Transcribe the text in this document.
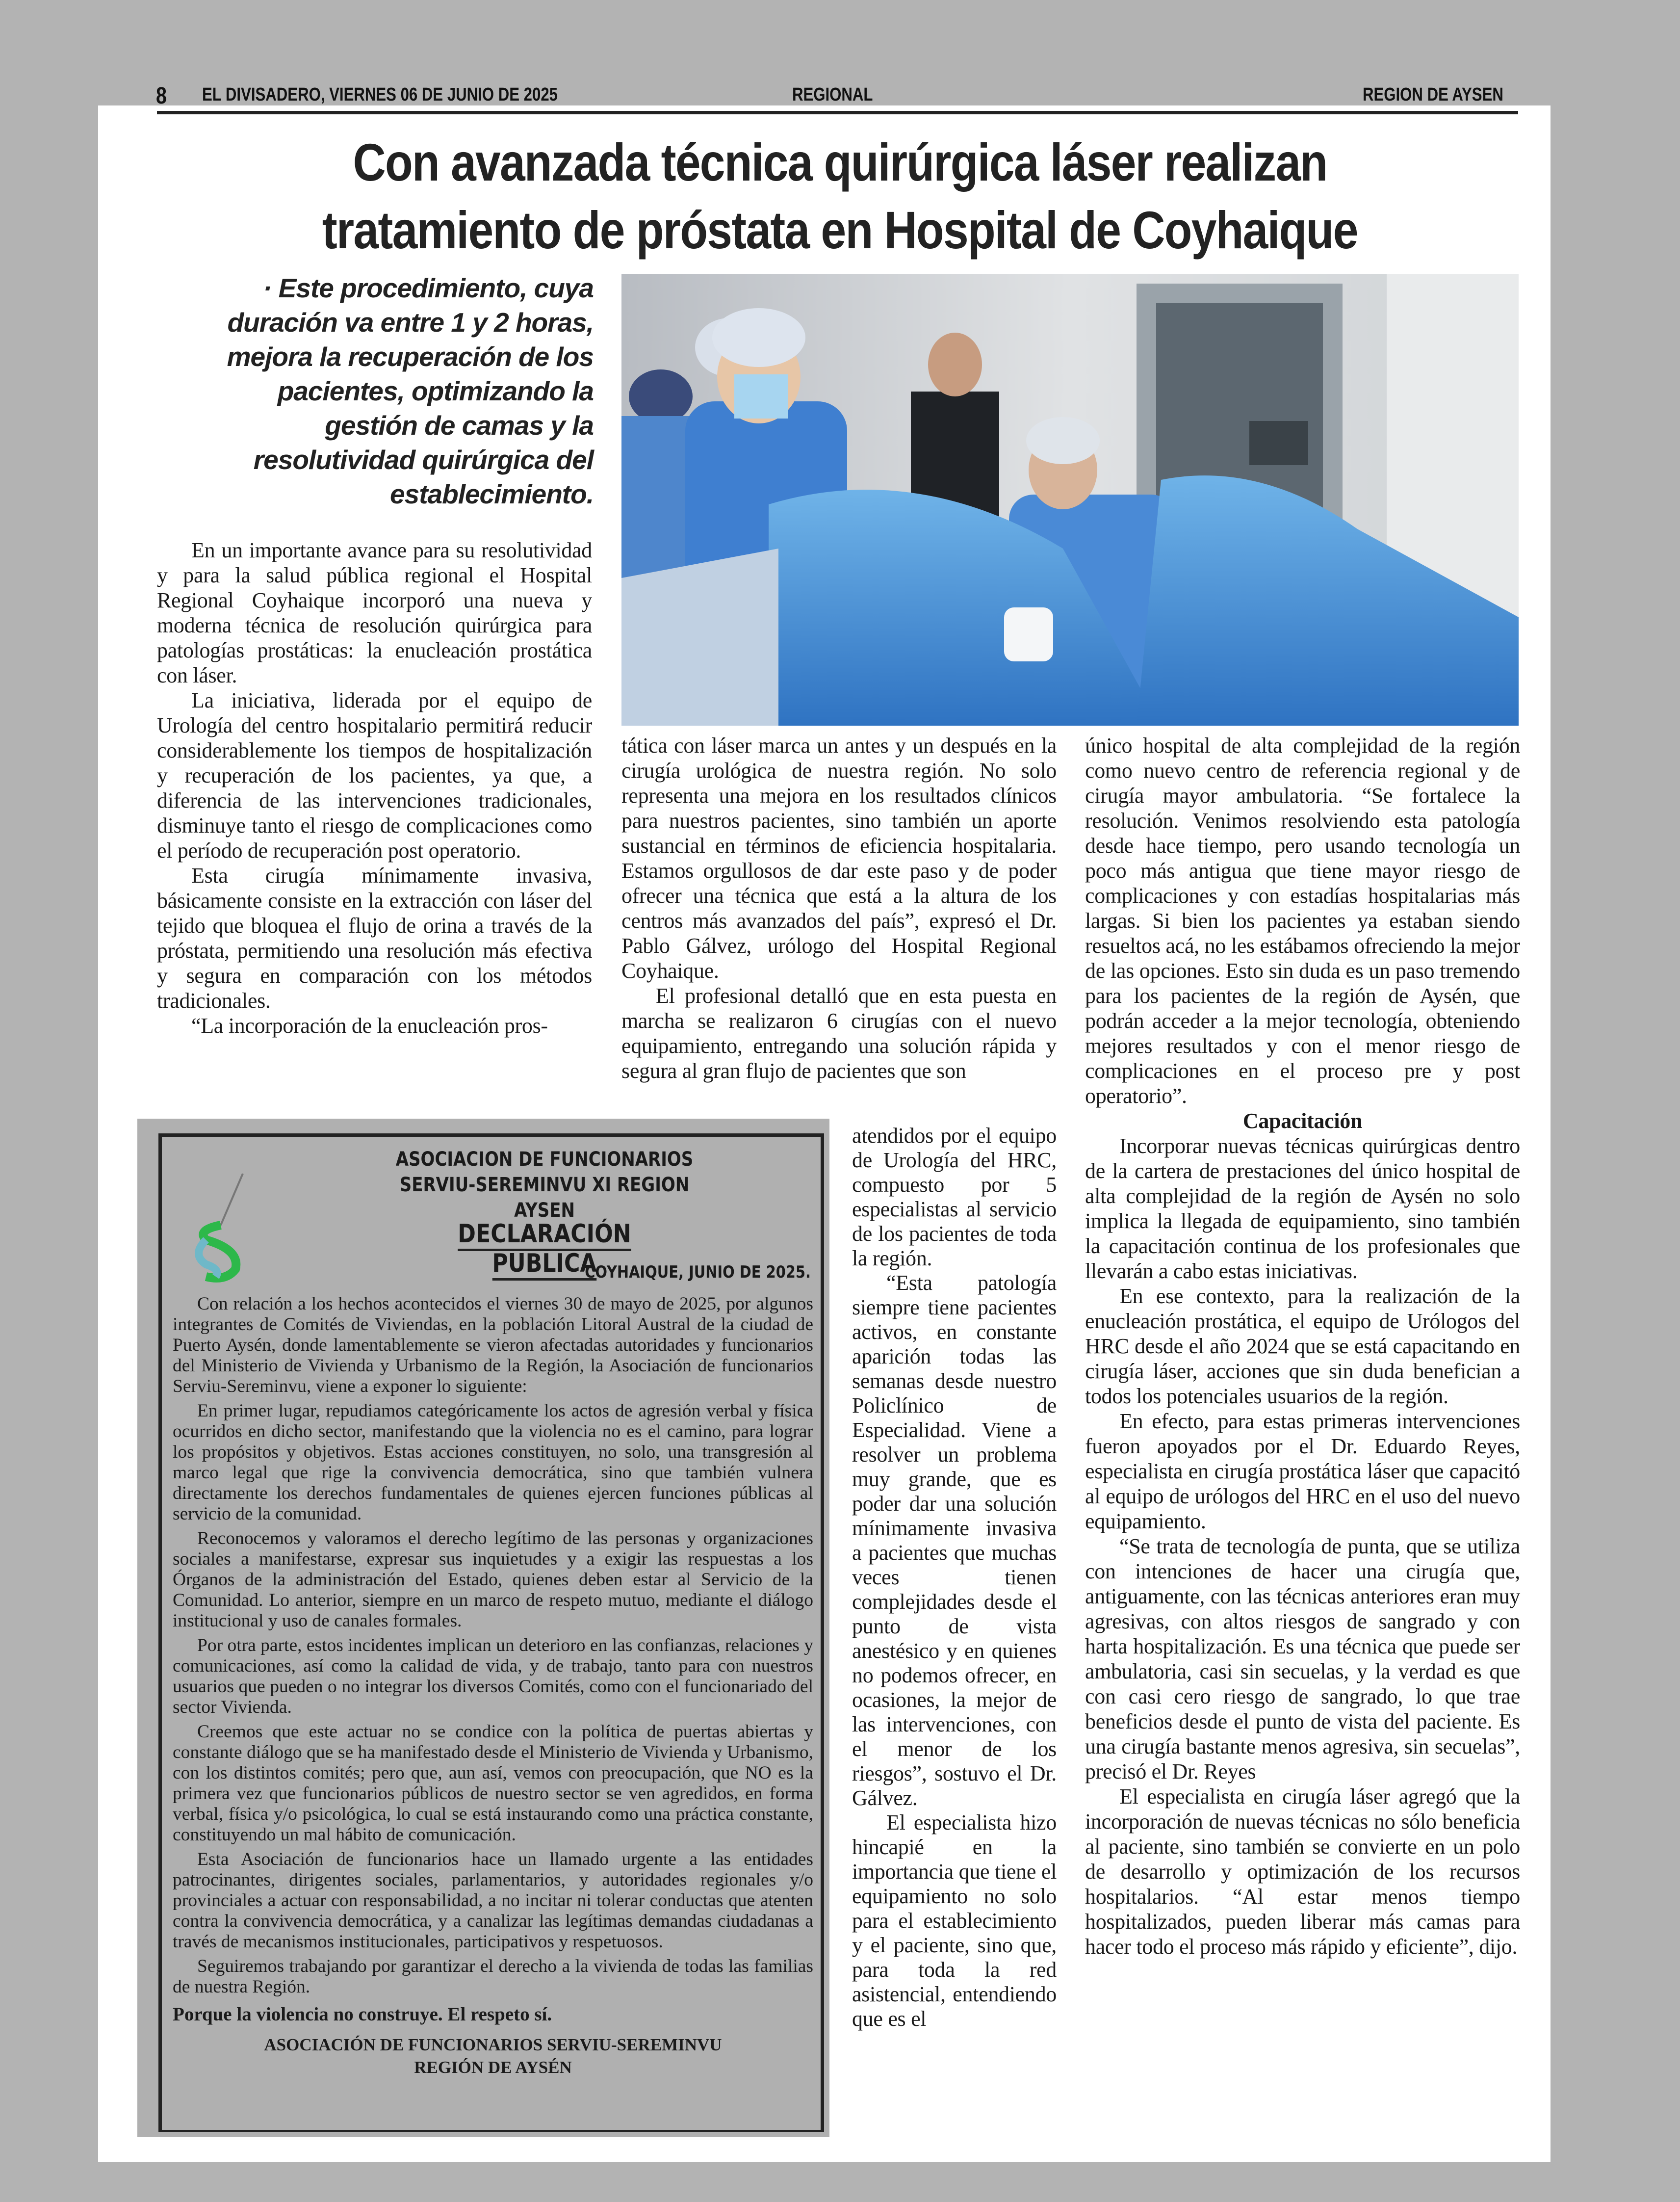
8 EL DIVISADERO, VIERNES 06 DE JUNIO DE 2025	REGIONAL	REGION DE AYSEN
Con avanzada técnica quirúrgica láser realizan
tratamiento de próstata en Hospital de Coyhaique
· Este procedimiento, cuya duración va entre 1 y 2 horas, mejora la recuperación de los pacientes, optimizando la gestión de camas y la resolutividad quirúrgica del establecimiento.

En un importante avance para su resolutividad y para la salud pública regional el Hospital Regional Coyhaique incorporó una nueva y moderna técnica de resolución quirúrgica para patologías prostáticas: la enucleación prostática con láser.

La iniciativa, liderada por el equipo de Urología del centro hospitalario permitirá reducir considerablemente los tiempos de hospitalización y recuperación de los pacientes, ya que, a diferencia de las intervenciones tradicionales, disminuye tanto el riesgo de complicaciones como el período de recuperación post operatorio.

Esta cirugía mínimamente invasiva, básicamente consiste en la extracción con láser del tejido que bloquea el flujo de orina a través de la próstata, permitiendo una resolución más efectiva y segura en comparación con los métodos tradicionales.

“La incorporación de la enucleación pros-

tática con láser marca un antes y un después en la cirugía urológica de nuestra región. No solo representa una mejora en los resultados clínicos para nuestros pacientes, sino también un aporte sustancial en términos de eficiencia hospitalaria. Estamos orgullosos de dar este paso y de poder ofrecer una técnica que está a la altura de los centros más avanzados del país”, expresó el Dr. Pablo Gálvez, urólogo del Hospital Regional Coyhaique.

El profesional detalló que en esta puesta en marcha se realizaron 6 cirugías con el nuevo equipamiento, entregando una solución rápida y segura al gran flujo de pacientes que son

atendidos por el equipo de Urología del HRC, compuesto por 5 especialistas al servicio de los pacientes de toda la región.

“Esta patología siempre tiene pacientes activos, en constante aparición todas las semanas desde nuestro Policlínico de Especialidad. Viene a resolver un problema muy grande, que es poder dar una solución mínimamente invasiva a pacientes que muchas veces tienen complejidades desde el punto de vista anestésico y en quienes no podemos ofrecer, en ocasiones, la mejor de las intervenciones, con el menor de los riesgos”, sostuvo el Dr. Gálvez.

El especialista hizo hincapié en la importancia que tiene el equipamiento no solo para el establecimiento y el paciente, sino que, para toda la red asistencial, entendiendo que es el

único hospital de alta complejidad de la región como nuevo centro de referencia regional y de cirugía mayor ambulatoria. “Se fortalece la resolución. Venimos resolviendo esta patología desde hace tiempo, pero usando tecnología un poco más antigua que tiene mayor riesgo de complicaciones y con estadías hospitalarias más largas. Si bien los pacientes ya estaban siendo resueltos acá, no les estábamos ofreciendo la mejor de las opciones. Esto sin duda es un paso tremendo para los pacientes de la región de Aysén, que podrán acceder a la mejor tecnología, obteniendo mejores resultados y con el menor riesgo de complicaciones en el proceso pre y post operatorio”.

Capacitación

Incorporar nuevas técnicas quirúrgicas dentro de la cartera de prestaciones del único hospital de alta complejidad de la región de Aysén no solo implica la llegada de equipamiento, sino también la capacitación continua de los profesionales que llevarán a cabo estas iniciativas.

En ese contexto, para la realización de la enucleación prostática, el equipo de Urólogos del HRC desde el año 2024 que se está capacitando en cirugía láser, acciones que sin duda benefician a todos los potenciales usuarios de la región.

En efecto, para estas primeras intervenciones fueron apoyados por el Dr. Eduardo Reyes, especialista en cirugía prostática láser que capacitó al equipo de urólogos del HRC en el uso del nuevo equipamiento.

“Se trata de tecnología de punta, que se utiliza con intenciones de hacer una cirugía que, antiguamente, con las técnicas anteriores eran muy agresivas, con altos riesgos de sangrado y con harta hospitalización. Es una técnica que puede ser ambulatoria, casi sin secuelas, y la verdad es que con casi cero riesgo de sangrado, lo que trae beneficios desde el punto de vista del paciente. Es una cirugía bastante menos agresiva, sin secuelas”, precisó el Dr. Reyes

El especialista en cirugía láser agregó que la incorporación de nuevas técnicas no sólo beneficia al paciente, sino también se convierte en un polo de desarrollo y optimización de los recursos hospitalarios. “Al estar menos tiempo hospitalizados, pueden liberar más camas para hacer todo el proceso más rápido y eficiente”, dijo.

ASOCIACION DE FUNCIONARIOS
SERVIU-SEREMINVU XI REGION AYSEN
DECLARACIÓN PUBLICA
COYHAIQUE, JUNIO DE 2025.

Con relación a los hechos acontecidos el viernes 30 de mayo de 2025, por algunos integrantes de Comités de Viviendas, en la población Litoral Austral de la ciudad de Puerto Aysén, donde lamentablemente se vieron afectadas autoridades y funcionarios del Ministerio de Vivienda y Urbanismo de la Región, la Asociación de funcionarios Serviu-Sereminvu, viene a exponer lo siguiente:

En primer lugar, repudiamos categóricamente los actos de agresión verbal y física ocurridos en dicho sector, manifestando que la violencia no es el camino, para lograr los propósitos y objetivos. Estas acciones constituyen, no solo, una transgresión al marco legal que rige la convivencia democrática, sino que también vulnera directamente los derechos fundamentales de quienes ejercen funciones públicas al servicio de la comunidad.

Reconocemos y valoramos el derecho legítimo de las personas y organizaciones sociales a manifestarse, expresar sus inquietudes y a exigir las respuestas a los Órganos de la administración del Estado, quienes deben estar al Servicio de la Comunidad. Lo anterior, siempre en un marco de respeto mutuo, mediante el diálogo institucional y uso de canales formales.

Por otra parte, estos incidentes implican un deterioro en las confianzas, relaciones y comunicaciones, así como la calidad de vida, y de trabajo, tanto para con nuestros usuarios que pueden o no integrar los diversos Comités, como con el funcionariado del sector Vivienda.

Creemos que este actuar no se condice con la política de puertas abiertas y constante diálogo que se ha manifestado desde el Ministerio de Vivienda y Urbanismo, con los distintos comités; pero que, aun así, vemos con preocupación, que NO es la primera vez que funcionarios públicos de nuestro sector se ven agredidos, en forma verbal, física y/o psicológica, lo cual se está instaurando como una práctica constante, constituyendo un mal hábito de comunicación.

Esta Asociación de funcionarios hace un llamado urgente a las entidades patrocinantes, dirigentes sociales, parlamentarios, y autoridades regionales y/o provinciales a actuar con responsabilidad, a no incitar ni tolerar conductas que atenten contra la convivencia democrática, y a canalizar las legítimas demandas ciudadanas a través de mecanismos institucionales, participativos y respetuosos.

Seguiremos trabajando por garantizar el derecho a la vivienda de todas las familias de nuestra Región.

Porque la violencia no construye. El respeto sí.

ASOCIACIÓN DE FUNCIONARIOS SERVIU-SEREMINVU
REGIÓN DE AYSÉN
